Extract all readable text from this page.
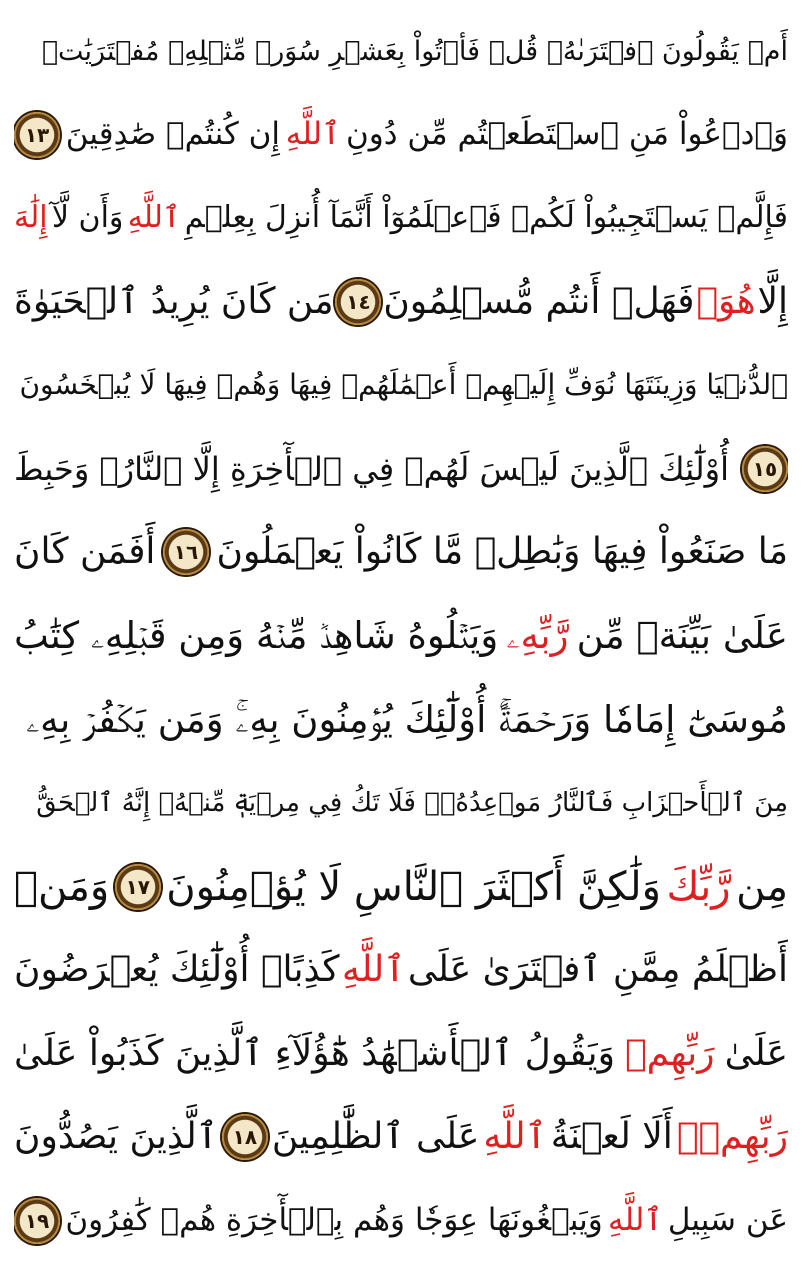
أَمۡ يَقُولُونَ ٱفۡتَرَىٰهُۖ قُلۡ فَأۡتُواْ بِعَشۡرِ سُوَرٖ مِّثۡلِهِۦ مُفۡتَرَيَٰتٖ
وَٱدۡعُواْ مَنِ ٱسۡتَطَعۡتُم مِّن دُونِ
ٱللَّهِ
إِن كُنتُمۡ صَٰدِقِينَ
١٣
فَإِلَّمۡ يَسۡتَجِيبُواْ لَكُمۡ فَٱعۡلَمُوٓاْ أَنَّمَآ أُنزِلَ بِعِلۡمِ
ٱللَّهِ
وَأَن لَّآ
إِلَٰهَ
إِلَّا
هُوَۖ
فَهَلۡ أَنتُم مُّسۡلِمُونَ
١٤
مَن كَانَ يُرِيدُ ٱلۡحَيَوٰةَ
ٱلدُّنۡيَا وَزِينَتَهَا نُوَفِّ إِلَيۡهِمۡ أَعۡمَٰلَهُمۡ فِيهَا وَهُمۡ فِيهَا لَا يُبۡخَسُونَ
١٥
أُوْلَٰٓئِكَ ٱلَّذِينَ لَيۡسَ لَهُمۡ فِي ٱلۡأٓخِرَةِ إِلَّا ٱلنَّارُۖ وَحَبِطَ
مَا صَنَعُواْ فِيهَا وَبَٰطِلٞ مَّا كَانُواْ يَعۡمَلُونَ
١٦
أَفَمَن كَانَ
عَلَىٰ بَيِّنَةٖ مِّن
رَّبِّهِۦ
وَيَتۡلُوهُ شَاهِدٞ مِّنۡهُ وَمِن قَبۡلِهِۦ كِتَٰبُ
مُوسَىٰٓ إِمَامٗا وَرَحۡمَةًۚ أُوْلَٰٓئِكَ يُؤۡمِنُونَ بِهِۦۚ وَمَن يَكۡفُرۡ بِهِۦ
مِنَ ٱلۡأَحۡزَابِ فَٱلنَّارُ مَوۡعِدُهُۥۚ فَلَا تَكُ فِي مِرۡيَةٖ مِّنۡهُۚ إِنَّهُ ٱلۡحَقُّ
مِن
رَّبِّكَ
وَلَٰكِنَّ أَكۡثَرَ ٱلنَّاسِ لَا يُؤۡمِنُونَ
١٧
وَمَنۡ
أَظۡلَمُ مِمَّنِ ٱفۡتَرَىٰ عَلَى
ٱللَّهِ
كَذِبًاۚ أُوْلَٰٓئِكَ يُعۡرَضُونَ
عَلَىٰ
رَبِّهِمۡ
وَيَقُولُ ٱلۡأَشۡهَٰدُ هَٰٓؤُلَآءِ ٱلَّذِينَ كَذَبُواْ عَلَىٰ
رَبِّهِمۡۚ
أَلَا لَعۡنَةُ
ٱللَّهِ
عَلَى ٱلظَّٰلِمِينَ
١٨
ٱلَّذِينَ يَصُدُّونَ
عَن سَبِيلِ
ٱللَّهِ
وَيَبۡغُونَهَا عِوَجٗا وَهُم بِٱلۡأٓخِرَةِ هُمۡ كَٰفِرُونَ
١٩
